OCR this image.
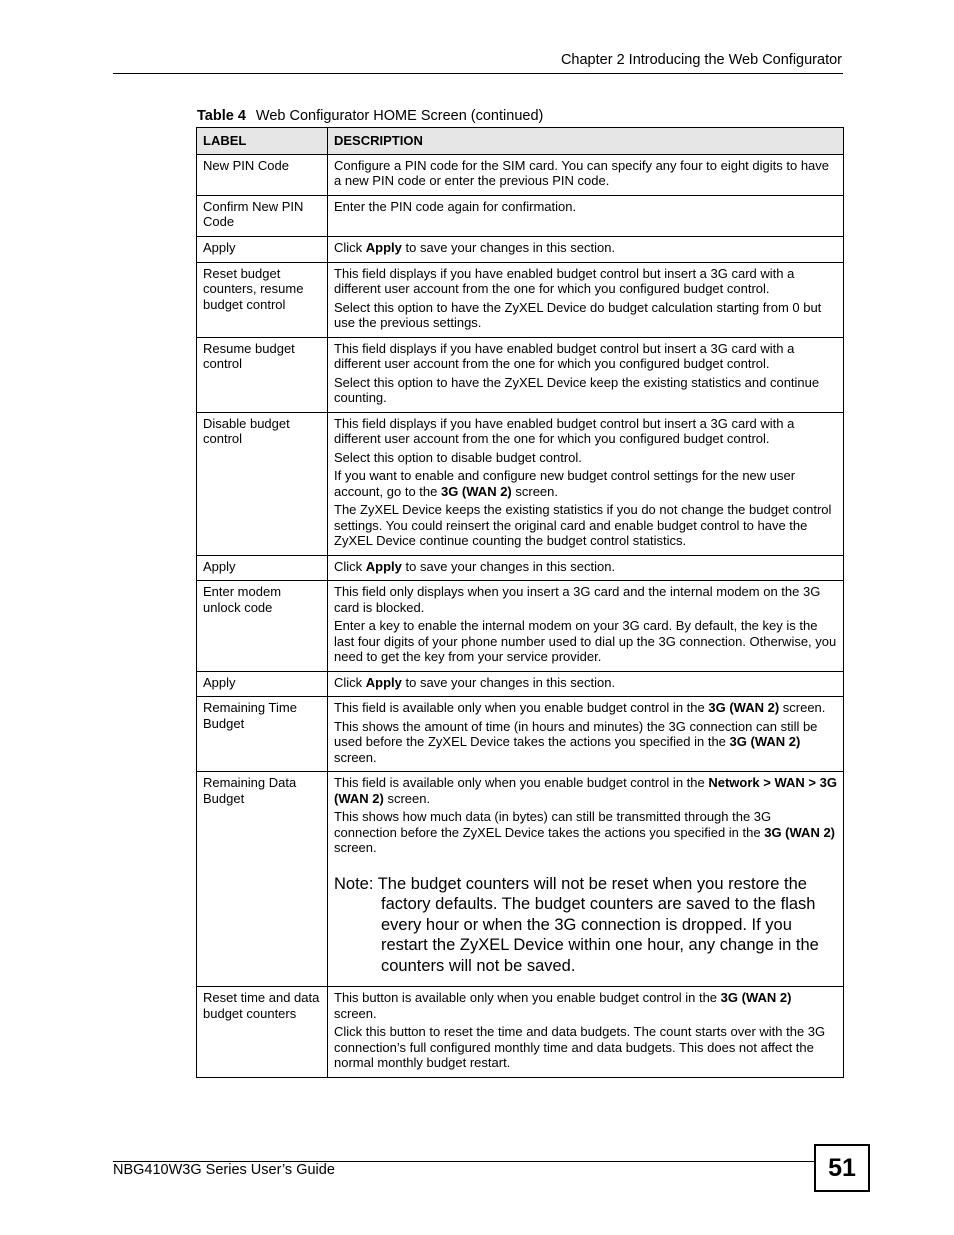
Chapter 2 Introducing the Web Configurator
Table 4 Web Configurator HOME Screen (continued)
LABEL	DESCRIPTION
New PIN Code	Configure a PIN code for the SIM card. You can specify any four to eight digits to have a new PIN code or enter the previous PIN code.

Confirm New PIN Code	Enter the PIN code again for confirmation.

Apply	Click Apply to save your changes in this section.

Reset budget counters, resume budget control	This field displays if you have enabled budget control but insert a 3G card with a different user account from the one for which you configured budget control.
Select this option to have the ZyXEL Device do budget calculation starting from 0 but use the previous settings.

Resume budget control	This field displays if you have enabled budget control but insert a 3G card with a different user account from the one for which you configured budget control.
Select this option to have the ZyXEL Device keep the existing statistics and continue counting.

Disable budget control	This field displays if you have enabled budget control but insert a 3G card with a different user account from the one for which you configured budget control.
Select this option to disable budget control.
If you want to enable and configure new budget control settings for the new user account, go to the 3G (WAN 2) screen.
The ZyXEL Device keeps the existing statistics if you do not change the budget control settings. You could reinsert the original card and enable budget control to have the ZyXEL Device continue counting the budget control statistics.

Apply	Click Apply to save your changes in this section.

Enter modem unlock code	This field only displays when you insert a 3G card and the internal modem on the 3G card is blocked.
Enter a key to enable the internal modem on your 3G card. By default, the key is the last four digits of your phone number used to dial up the 3G connection. Otherwise, you need to get the key from your service provider.

Apply	Click Apply to save your changes in this section.

Remaining Time Budget	This field is available only when you enable budget control in the 3G (WAN 2) screen.
This shows the amount of time (in hours and minutes) the 3G connection can still be used before the ZyXEL Device takes the actions you specified in the 3G (WAN 2) screen.

Remaining Data Budget	This field is available only when you enable budget control in the Network > WAN > 3G (WAN 2) screen.
This shows how much data (in bytes) can still be transmitted through the 3G connection before the ZyXEL Device takes the actions you specified in the 3G (WAN 2) screen.
Note: The budget counters will not be reset when you restore the factory defaults. The budget counters are saved to the flash every hour or when the 3G connection is dropped. If you restart the ZyXEL Device within one hour, any change in the counters will not be saved.

Reset time and data budget counters	This button is available only when you enable budget control in the 3G (WAN 2) screen.
Click this button to reset the time and data budgets. The count starts over with the 3G connection’s full configured monthly time and data budgets. This does not affect the normal monthly budget restart.
NBG410W3G Series User’s Guide	51
